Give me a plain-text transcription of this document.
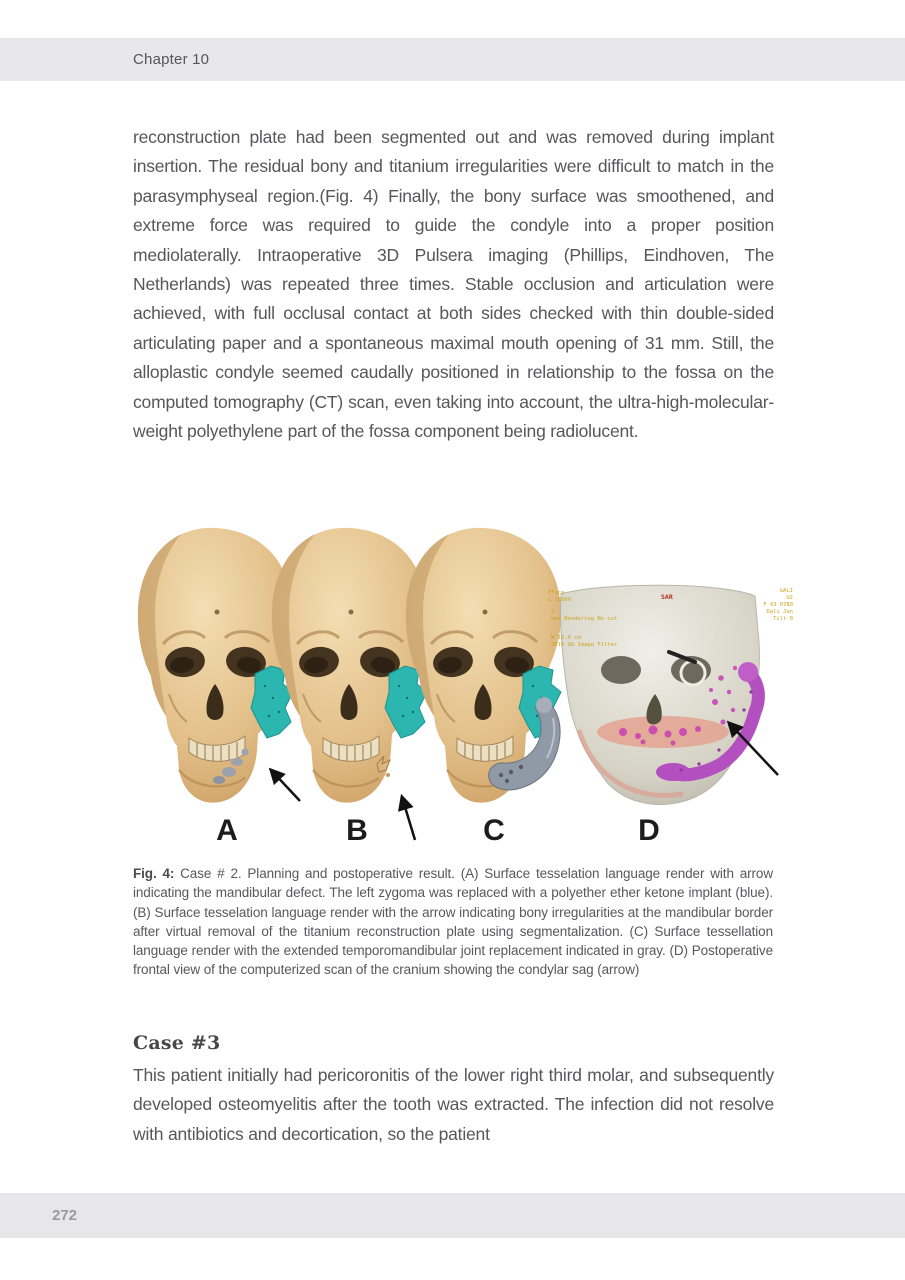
Chapter 10

reconstruction plate had been segmented out and was removed during implant insertion. The residual bony and titanium irregularities were difficult to match in the parasymphyseal region.(Fig. 4) Finally, the bony surface was smoothened, and extreme force was required to guide the condyle into a proper position mediolaterally. Intraoperative 3D Pulsera imaging (Phillips, Eindhoven, The Netherlands) was repeated three times. Stable occlusion and articulation were achieved, with full occlusal contact at both sides checked with thin double-sided articulating paper and a spontaneous maximal mouth opening of 31 mm. Still, the alloplastic condyle seemed caudally positioned in relationship to the fossa on the computed tomography (CT) scan, even taking into account, the ultra-high-molecular-weight polyethylene part of the fossa component being radiolucent.

FFace
L 16860
3
ume Rendering No cut
W 16.9 cm
2010 Gb Image Filter
SAR
GALI
U2
F 43 0780
Dali Jan
Tilt 0
A	B	C	D

Fig. 4: Case # 2. Planning and postoperative result. (A) Surface tesselation language render with arrow indicating the mandibular defect. The left zygoma was replaced with a polyether ether ketone implant (blue). (B) Surface tesselation language render with the arrow indicating bony irregularities at the mandibular border after virtual removal of the titanium reconstruction plate using segmentalization. (C) Surface tessellation language render with the extended temporomandibular joint replacement indicated in gray. (D) Postoperative frontal view of the computerized scan of the cranium showing the condylar sag (arrow)

Case #3

This patient initially had pericoronitis of the lower right third molar, and subsequently developed osteomyelitis after the tooth was extracted. The infection did not resolve with antibiotics and decortication, so the patient

272
